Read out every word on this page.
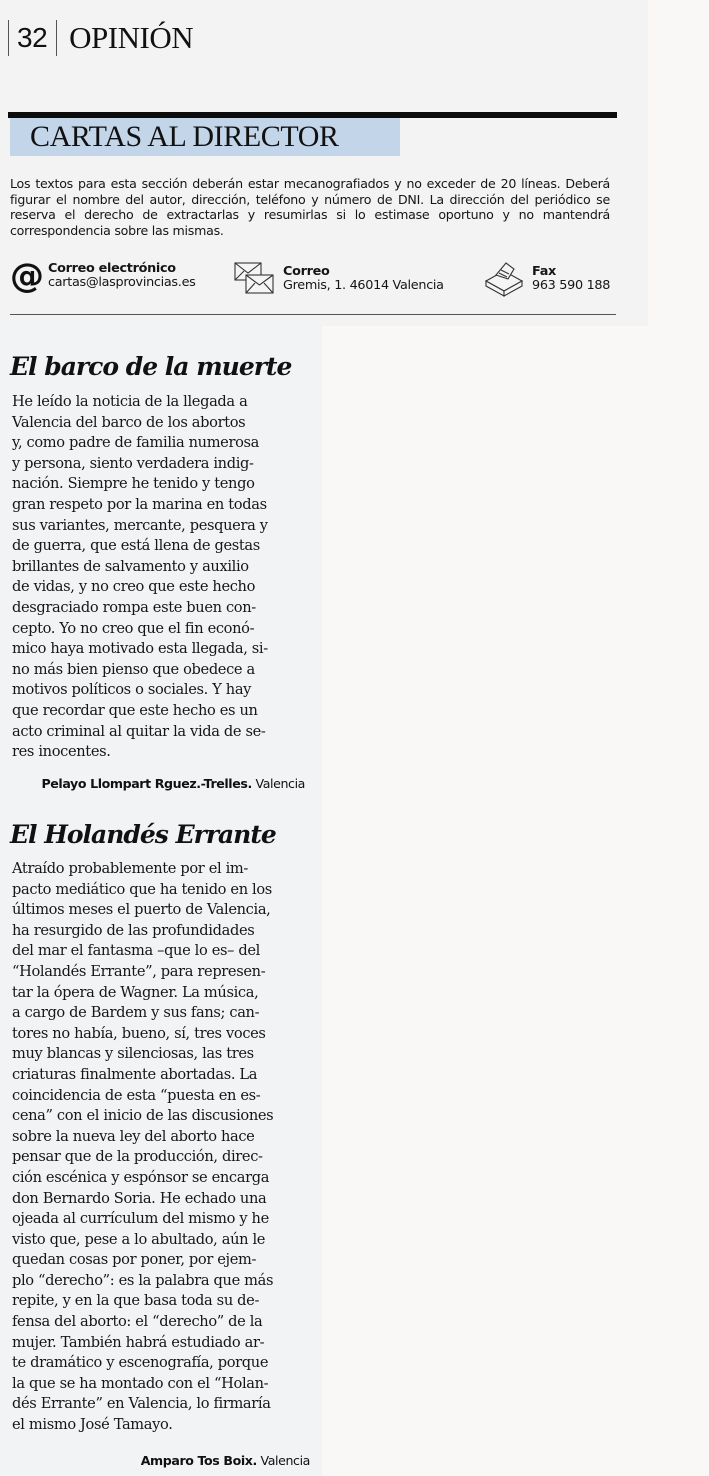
32 OPINIÓN
CARTAS AL DIRECTOR
Los textos para esta sección deberán estar mecanografiados y no exceder de 20 líneas. Deberá figurar el nombre del autor, dirección, teléfono y número de DNI. La dirección del periódico se reserva el derecho de extractarlas y resumirlas si lo estimase oportuno y no mantendrá correspondencia sobre las mismas.
@ Correo electrónico
cartas@lasprovincias.es
Correo
Gremis, 1. 46014 Valencia
Fax
963 590 188
El barco de la muerte
He leído la noticia de la llegada a
Valencia del barco de los abortos
y, como padre de familia numerosa
y persona, siento verdadera indig-
nación. Siempre he tenido y tengo
gran respeto por la marina en todas
sus variantes, mercante, pesquera y
de guerra, que está llena de gestas
brillantes de salvamento y auxilio
de vidas, y no creo que este hecho
desgraciado rompa este buen con-
cepto. Yo no creo que el fin econó-
mico haya motivado esta llegada, si-
no más bien pienso que obedece a
motivos políticos o sociales. Y hay
que recordar que este hecho es un
acto criminal al quitar la vida de se-
res inocentes.
Pelayo Llompart Rguez.-Trelles. Valencia
El Holandés Errante
Atraído probablemente por el im-
pacto mediático que ha tenido en los
últimos meses el puerto de Valencia,
ha resurgido de las profundidades
del mar el fantasma –que lo es– del
“Holandés Errante”, para represen-
tar la ópera de Wagner. La música,
a cargo de Bardem y sus fans; can-
tores no había, bueno, sí, tres voces
muy blancas y silenciosas, las tres
criaturas finalmente abortadas. La
coincidencia de esta “puesta en es-
cena” con el inicio de las discusiones
sobre la nueva ley del aborto hace
pensar que de la producción, direc-
ción escénica y espónsor se encarga
don Bernardo Soria. He echado una
ojeada al currículum del mismo y he
visto que, pese a lo abultado, aún le
quedan cosas por poner, por ejem-
plo “derecho”: es la palabra que más
repite, y en la que basa toda su de-
fensa del aborto: el “derecho” de la
mujer. También habrá estudiado ar-
te dramático y escenografía, porque
la que se ha montado con el “Holan-
dés Errante” en Valencia, lo firmaría
el mismo José Tamayo.
Amparo Tos Boix. Valencia
